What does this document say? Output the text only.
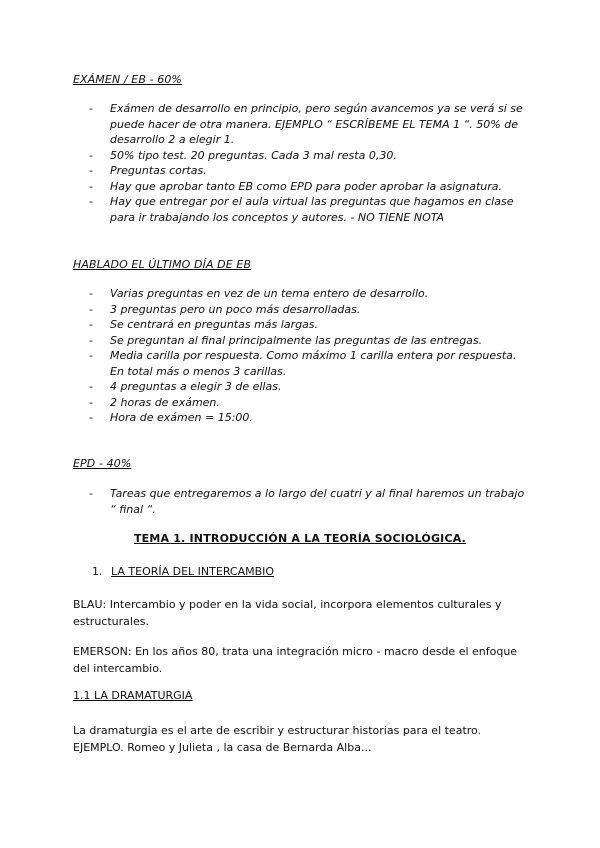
EXÁMEN / EB - 60%
- Exámen de desarrollo en principio, pero según avancemos ya se verá si se puede hacer de otra manera. EJEMPLO “ ESCRÍBEME EL TEMA 1 “. 50% de desarrollo 2 a elegir 1.
- 50% tipo test. 20 preguntas. Cada 3 mal resta 0,30.
- Preguntas cortas.
- Hay que aprobar tanto EB como EPD para poder aprobar la asignatura.
- Hay que entregar por el aula virtual las preguntas que hagamos en clase para ir trabajando los conceptos y autores. - NO TIENE NOTA
HABLADO EL ÚLTIMO DÍA DE EB
- Varias preguntas en vez de un tema entero de desarrollo.
- 3 preguntas pero un poco más desarrolladas.
- Se centrará en preguntas más largas.
- Se preguntan al final principalmente las preguntas de las entregas.
- Media carilla por respuesta. Como máximo 1 carilla entera por respuesta. En total más o menos 3 carillas.
- 4 preguntas a elegir 3 de ellas.
- 2 horas de exámen.
- Hora de exámen = 15:00.
EPD - 40%
- Tareas que entregaremos a lo largo del cuatri y al final haremos un trabajo “ final “.
TEMA 1. INTRODUCCIÓN A LA TEORÍA SOCIOLÓGICA.
1. LA TEORÍA DEL INTERCAMBIO

BLAU: Intercambio y poder en la vida social, incorpora elementos culturales y estructurales.

EMERSON: En los años 80, trata una integración micro - macro desde el enfoque del intercambio.

1.1 LA DRAMATURGIA

La dramaturgia es el arte de escribir y estructurar historias para el teatro.
EJEMPLO. Romeo y Julieta , la casa de Bernarda Alba...
